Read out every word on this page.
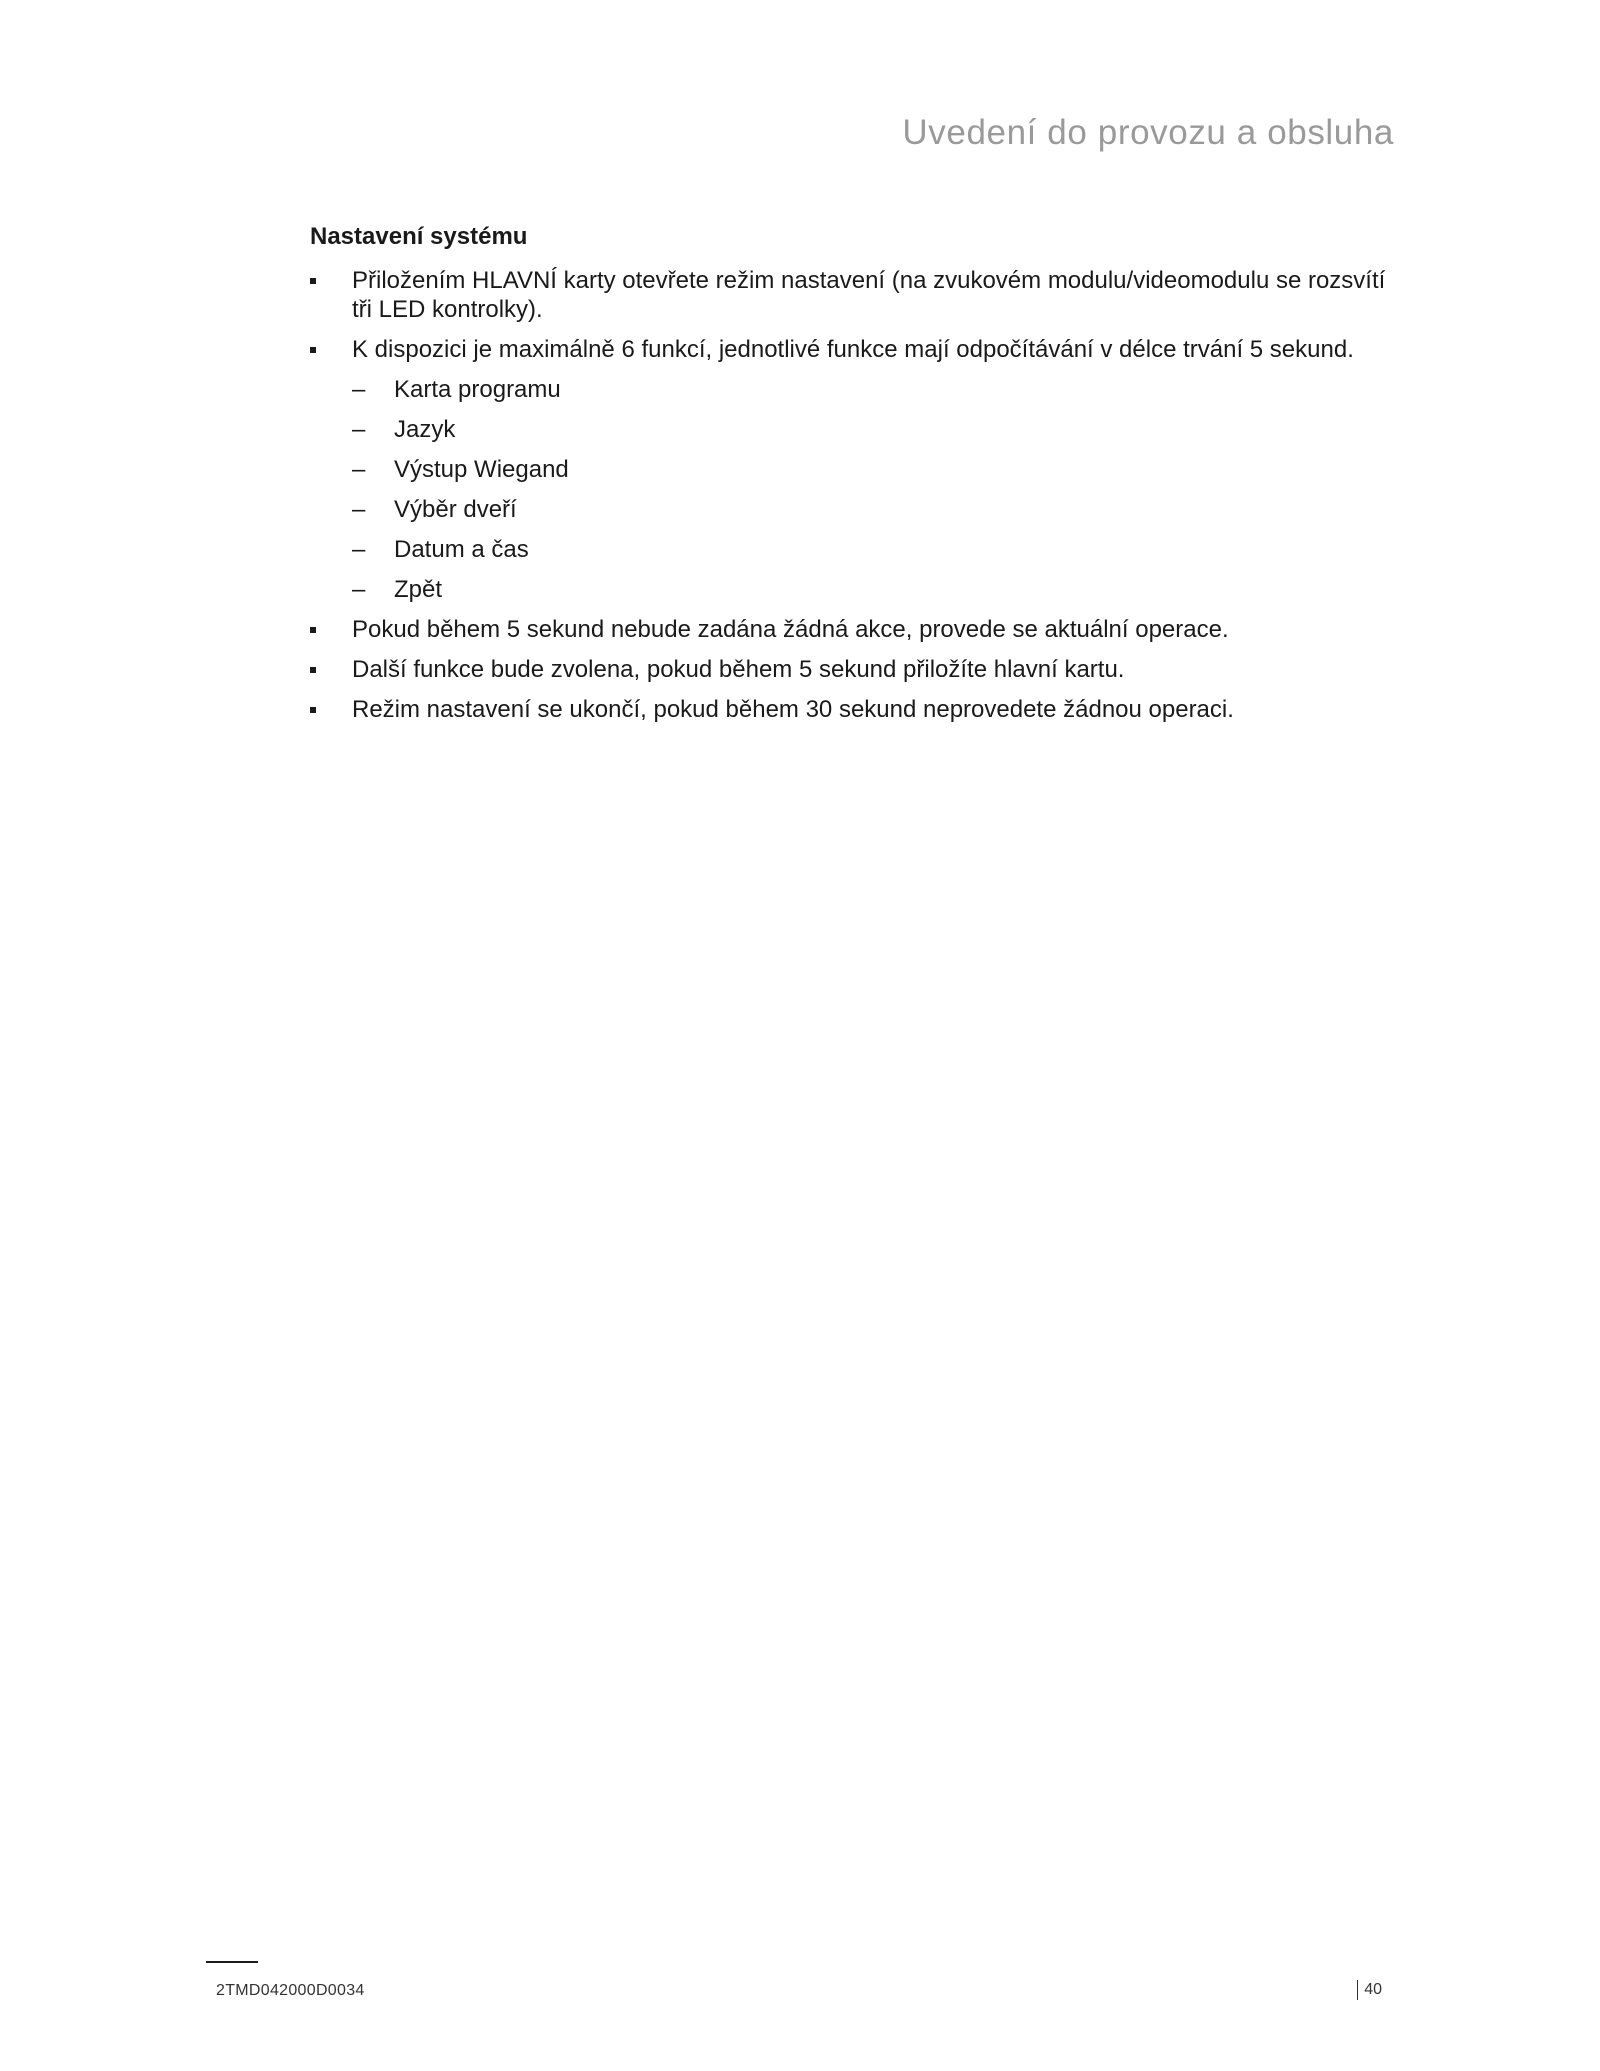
Uvedení do provozu a obsluha
Nastavení systému
Přiložením HLAVNÍ karty otevřete režim nastavení (na zvukovém modulu/videomodulu se rozsvítí tři LED kontrolky).
K dispozici je maximálně 6 funkcí, jednotlivé funkce mají odpočítávání v délce trvání 5 sekund.
– Karta programu
– Jazyk
– Výstup Wiegand
– Výběr dveří
– Datum a čas
– Zpět
Pokud během 5 sekund nebude zadána žádná akce, provede se aktuální operace.
Další funkce bude zvolena, pokud během 5 sekund přiložíte hlavní kartu.
Režim nastavení se ukončí, pokud během 30 sekund neprovedete žádnou operaci.
2TMD042000D0034	40
